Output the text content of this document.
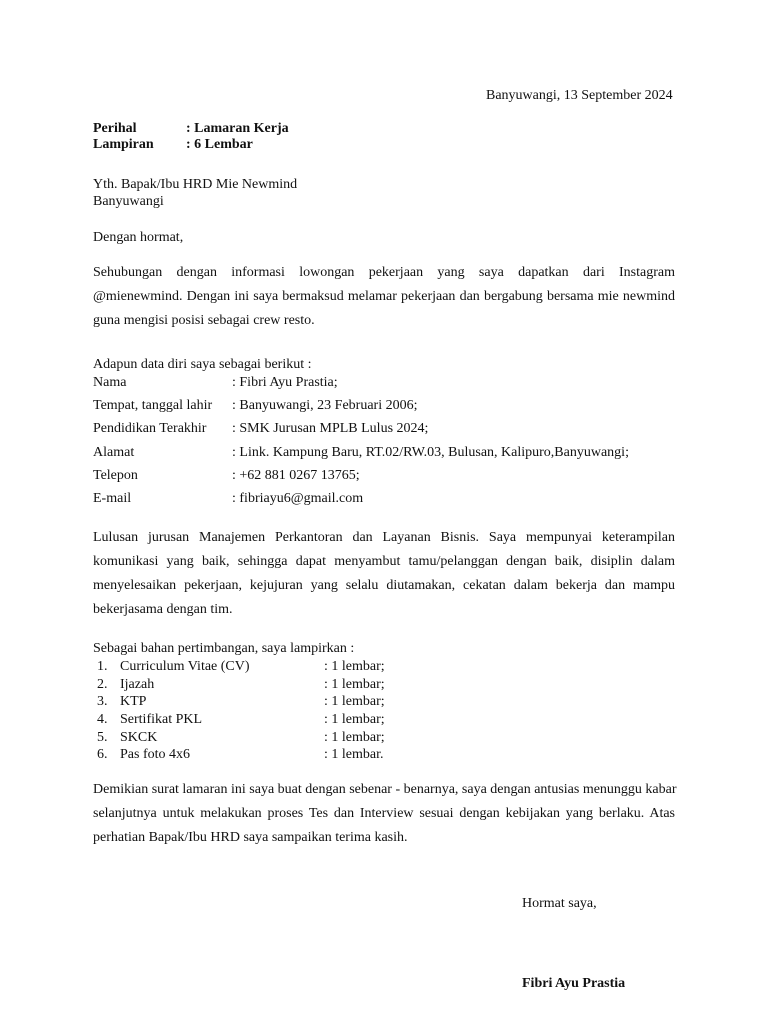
Banyuwangi, 13 September 2024
Perihal	: Lamaran Kerja
Lampiran : 6 Lembar
Yth. Bapak/Ibu HRD Mie Newmind
Banyuwangi
Dengan hormat,
Sehubungan dengan informasi lowongan pekerjaan yang saya dapatkan dari Instagram
@mienewmind. Dengan ini saya bermaksud melamar pekerjaan dan bergabung bersama mie newmind
guna mengisi posisi sebagai crew resto.
Adapun data diri saya sebagai berikut :
Nama	: Fibri Ayu Prastia;
Tempat, tanggal lahir : Banyuwangi, 23 Februari 2006;
Pendidikan Terakhir : SMK Jurusan MPLB Lulus 2024;
Alamat	: Link. Kampung Baru, RT.02/RW.03, Bulusan, Kalipuro,Banyuwangi;
Telepon	: +62 881 0267 13765;
E-mail	: fibriayu6@gmail.com
Lulusan jurusan Manajemen Perkantoran dan Layanan Bisnis. Saya mempunyai keterampilan
komunikasi yang baik, sehingga dapat menyambut tamu/pelanggan dengan baik, disiplin dalam
menyelesaikan pekerjaan, kejujuran yang selalu diutamakan, cekatan dalam bekerja dan mampu
bekerjasama dengan tim.
Sebagai bahan pertimbangan, saya lampirkan :
1. Curriculum Vitae (CV)	: 1 lembar;
2. Ijazah	: 1 lembar;
3. KTP	: 1 lembar;
4. Sertifikat PKL	: 1 lembar;
5. SKCK	: 1 lembar;
6. Pas foto 4x6	: 1 lembar.
Demikian surat lamaran ini saya buat dengan sebenar - benarnya, saya dengan antusias menunggu kabar
selanjutnya untuk melakukan proses Tes dan Interview sesuai dengan kebijakan yang berlaku. Atas
perhatian Bapak/Ibu HRD saya sampaikan terima kasih.
Hormat saya,
Fibri Ayu Prastia
